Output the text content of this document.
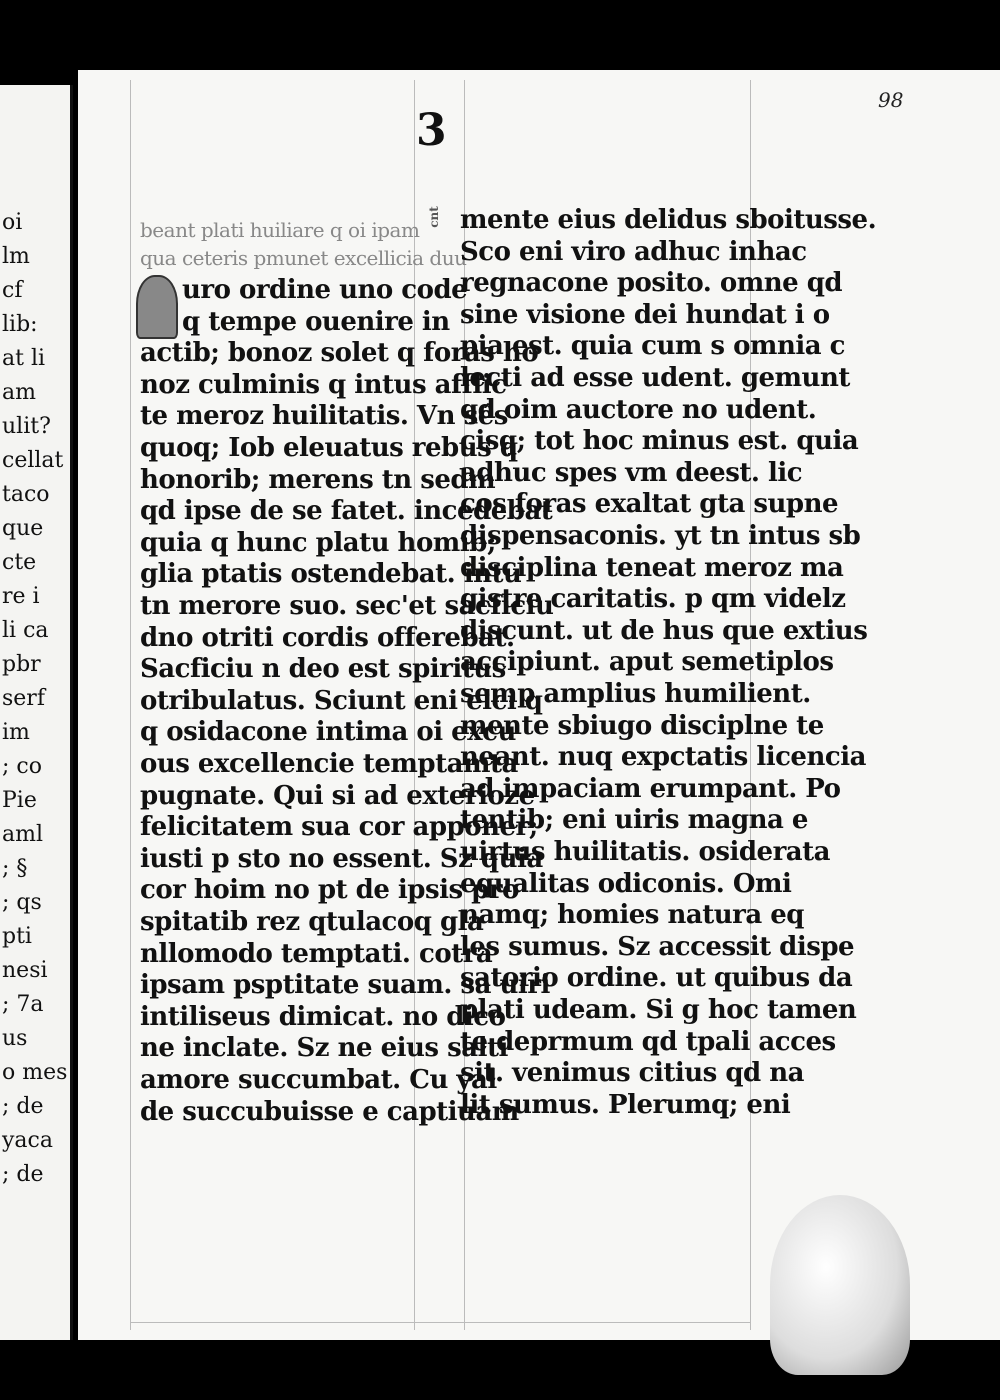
oi
lm
cf
lib:
at li
am
ulit?
cellat
taco
que
cte
re i
li ca
pbr
serf
im
; co
Pie
aml
; §
; qs
pti
nesi
; 7a
us
o mes
; de
yaca
; de
98
3
cnt
beant plati huiliare q oi ipam
qua ceteris pmunet excellicia duu
uro ordine uno code
q tempe ouenire in
actib; bonoz solet q foras ho
noz culminis q intus afflic
te meroz huilitatis. Vn sés
quoq; Iob eleuatus rebus q
honorib; merens tn sedm
qd ipse de se fatet. incedebat
quia q hunc platu homib;
glia ptatis ostendebat. intu
tn merore suo. sec'et sacficiu
dno otriti cordis offerebat.
Sacficiu n deo est spiritus
otribulatus. Sciunt eni elci q
q osidacone intima oi excu
ous excellencie temptamta
pugnate. Qui si ad exterioze
felicitatem sua cor apponer;
iusti p sto no essent. Sz quia
cor hoim no pt de ipsis pro
spitatib rez qtulacoq gla
nllomodo temptati. cotra
ipsam psptitate suam. sa uiri
intiliseus dimicat. no dico
ne inclate. Sz ne eius salti
amore succumbat. Cu yal
de succubuisse e captiuam
mente eius delidus sboitusse.
Sco eni viro adhuc inhac
regnacone posito. omne qd
sine visione dei hundat i o
pia est. quia cum s omnia c
lecti ad esse udent. gemunt
qd oim auctore no udent.
cisq; tot hoc minus est. quia
adhuc spes vm deest. lic
cos foras exaltat gta supne
dispensaconis. yt tn intus sb
disciplina teneat meroz ma
gistre caritatis. p qm videlz
discunt. ut de hus que extius
accipiunt. aput semetiplos
semp amplius humilient.
mente sbiugo disciplne te
neant. nuq expctatis licencia
ad impaciam erumpant. Po
tentib; eni uiris magna e
uirtus huilitatis. osiderata
equalitas odiconis. Omi
namq; homies natura eq
les sumus. Sz accessit dispe
satorio ordine. ut quibus da
plati udeam. Si g hoc tamen
te deprmum qd tpali acces
sit. venimus citius qd na
lit sumus. Plerumq; eni
